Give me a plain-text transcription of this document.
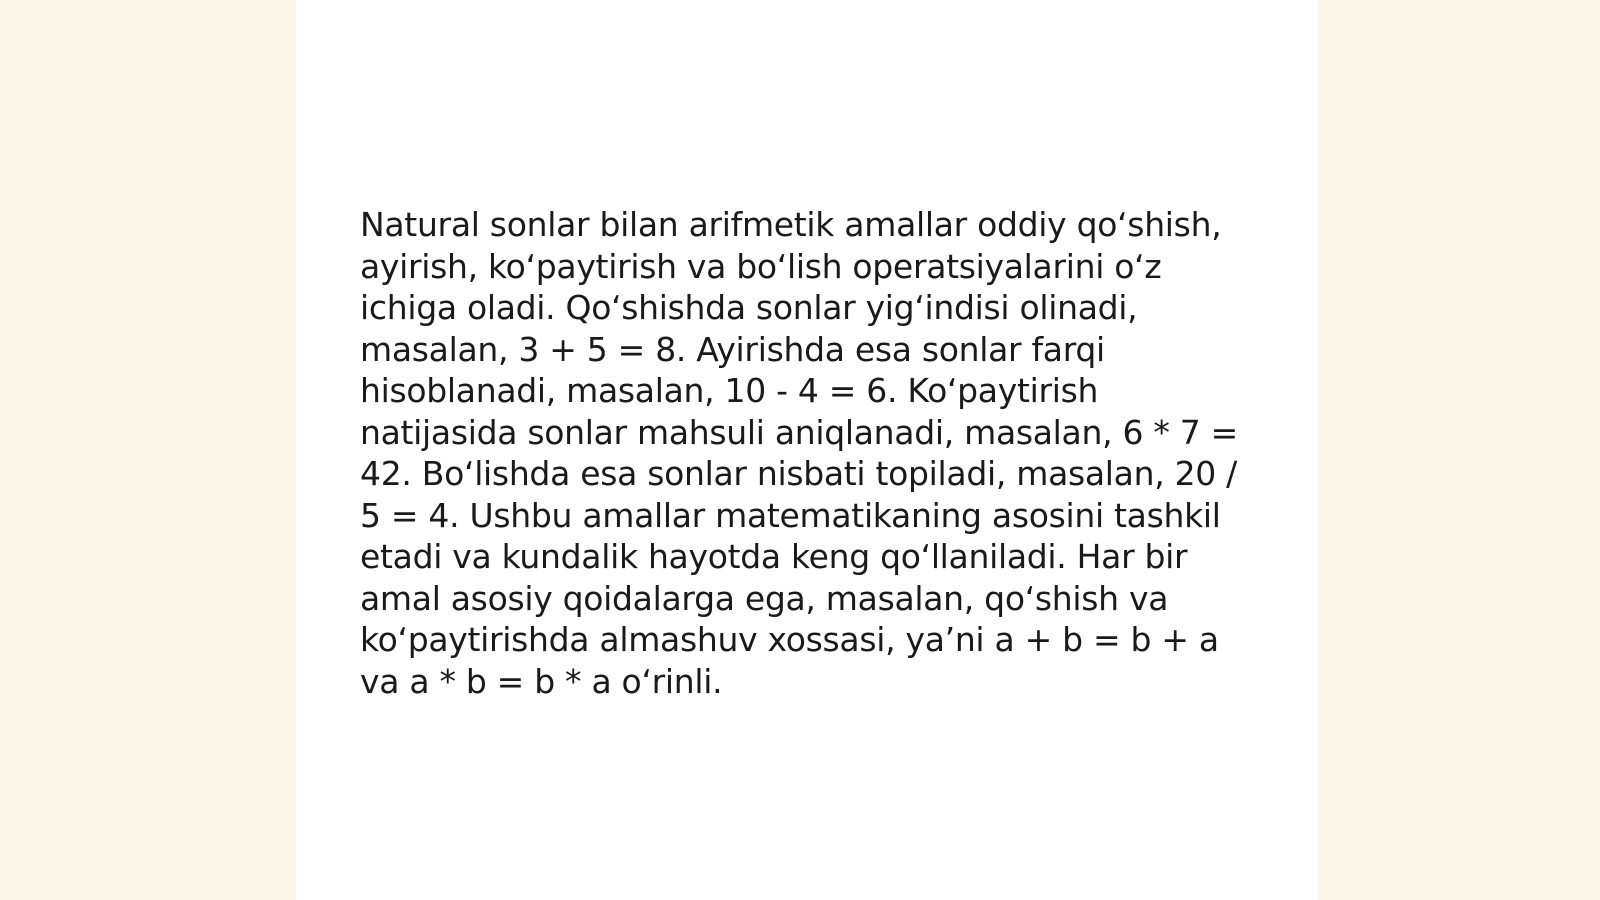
Natural sonlar bilan arifmetik amallar oddiy qo‘shish, ayirish, ko‘paytirish va bo‘lish operatsiyalarini o‘z ichiga oladi. Qo‘shishda sonlar yig‘indisi olinadi, masalan, 3 + 5 = 8. Ayirishda esa sonlar farqi hisoblanadi, masalan, 10 - 4 = 6. Ko‘paytirish natijasida sonlar mahsuli aniqlanadi, masalan, 6 * 7 = 42. Bo‘lishda esa sonlar nisbati topiladi, masalan, 20 / 5 = 4. Ushbu amallar matematikaning asosini tashkil etadi va kundalik hayotda keng qo‘llaniladi. Har bir amal asosiy qoidalarga ega, masalan, qo‘shish va ko‘paytirishda almashuv xossasi, ya’ni a + b = b + a va a * b = b * a o‘rinli.
